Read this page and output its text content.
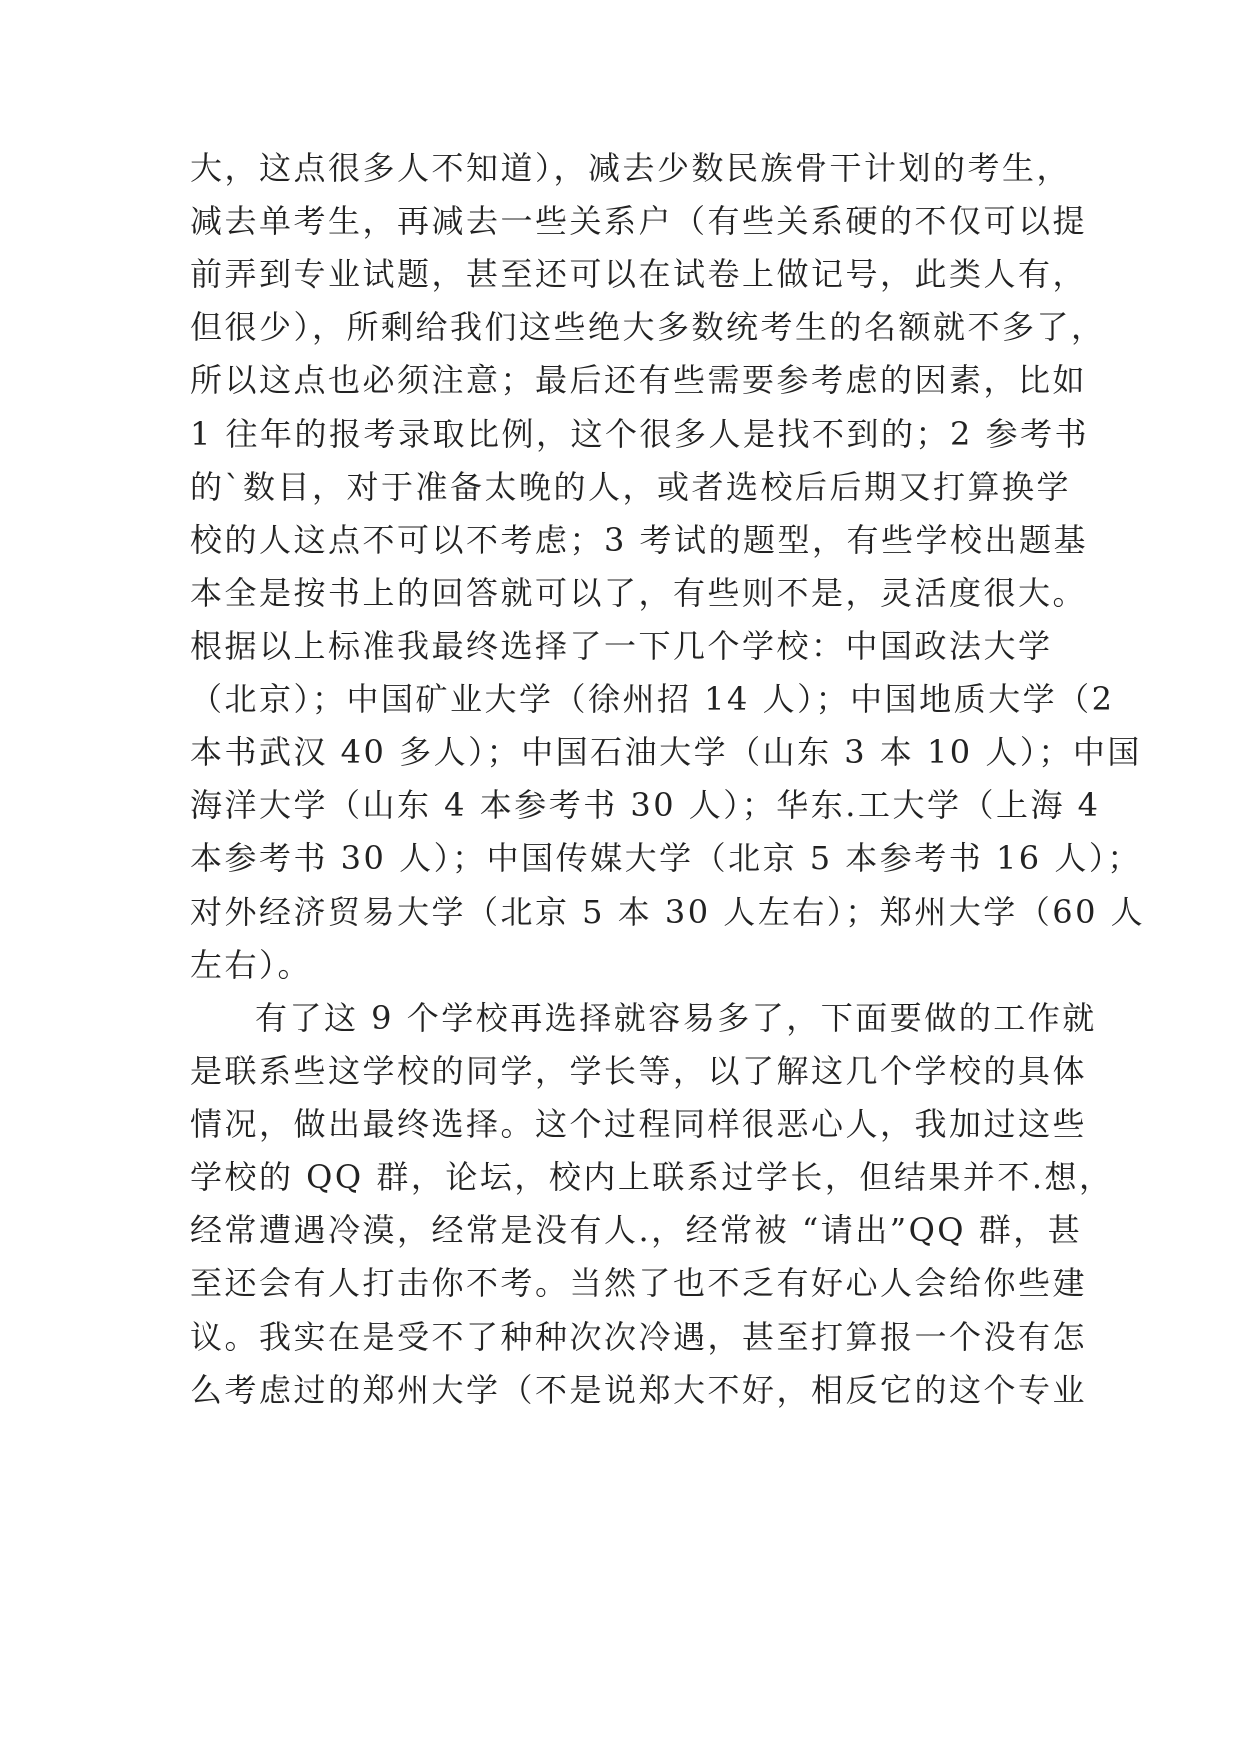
大，这点很多人不知道），减去少数民族骨干计划的考生，
减去单考生，再减去一些关系户（有些关系硬的不仅可以提
前弄到专业试题，甚至还可以在试卷上做记号，此类人有，
但很少），所剩给我们这些绝大多数统考生的名额就不多了，
所以这点也必须注意；最后还有些需要参考虑的因素，比如
1 往年的报考录取比例，这个很多人是找不到的；2 参考书
的`数目，对于准备太晚的人，或者选校后后期又打算换学
校的人这点不可以不考虑；3 考试的题型，有些学校出题基
本全是按书上的回答就可以了，有些则不是，灵活度很大。
根据以上标准我最终选择了一下几个学校：中国政法大学
（北京）；中国矿业大学（徐州招 14 人）；中国地质大学（2
本书武汉 40 多人）；中国石油大学（山东 3 本 10 人）；中国
海洋大学（山东 4 本参考书 30 人）；华东.工大学（上海 4
本参考书 30 人）；中国传媒大学（北京 5 本参考书 16 人）；
对外经济贸易大学（北京 5 本 30 人左右）；郑州大学（60 人
左右）。
有了这 9 个学校再选择就容易多了，下面要做的工作就
是联系些这学校的同学，学长等，以了解这几个学校的具体
情况，做出最终选择。这个过程同样很恶心人，我加过这些
学校的 QQ 群，论坛，校内上联系过学长，但结果并不.想，
经常遭遇冷漠，经常是没有人.，经常被 “请出”QQ 群，甚
至还会有人打击你不考。当然了也不乏有好心人会给你些建
议。我实在是受不了种种次次冷遇，甚至打算报一个没有怎
么考虑过的郑州大学（不是说郑大不好，相反它的这个专业
